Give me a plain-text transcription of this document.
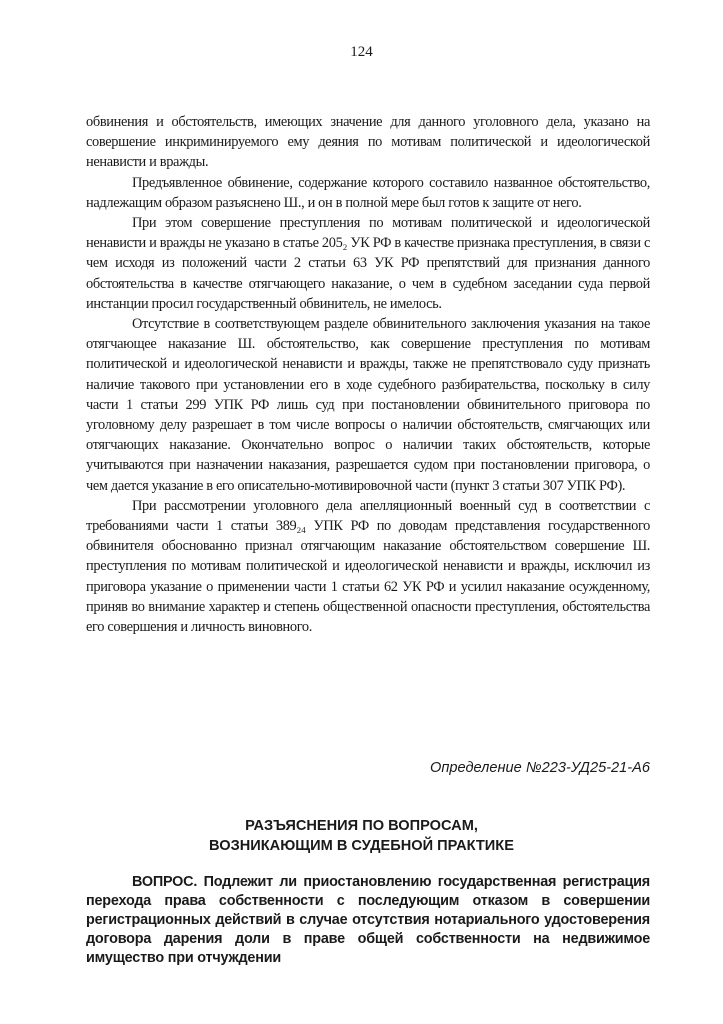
124

обвинения и обстоятельств, имеющих значение для данного уголовного дела, указано на совершение инкриминируемого ему деяния по мотивам политической и идеологической ненависти и вражды.

Предъявленное обвинение, содержание которого составило названное обстоятельство, надлежащим образом разъяснено Ш., и он в полной мере был готов к защите от него.

При этом совершение преступления по мотивам политической и идеологической ненависти и вражды не указано в статье 205₂ УК РФ в качестве признака преступления, в связи с чем исходя из положений части 2 статьи 63 УК РФ препятствий для признания данного обстоятельства в качестве отягчающего наказание, о чем в судебном заседании суда первой инстанции просил государственный обвинитель, не имелось.

Отсутствие в соответствующем разделе обвинительного заключения указания на такое отягчающее наказание Ш. обстоятельство, как совершение преступления по мотивам политической и идеологической ненависти и вражды, также не препятствовало суду признать наличие такового при установлении его в ходе судебного разбирательства, поскольку в силу части 1 статьи 299 УПК РФ лишь суд при постановлении обвинительного приговора по уголовному делу разрешает в том числе вопросы о наличии обстоятельств, смягчающих или отягчающих наказание. Окончательно вопрос о наличии таких обстоятельств, которые учитываются при назначении наказания, разрешается судом при постановлении приговора, о чем дается указание в его описательно-мотивировочной части (пункт 3 статьи 307 УПК РФ).

При рассмотрении уголовного дела апелляционный военный суд в соответствии с требованиями части 1 статьи 389₂₄ УПК РФ по доводам представления государственного обвинителя обоснованно признал отягчающим наказание обстоятельством совершение Ш. преступления по мотивам политической и идеологической ненависти и вражды, исключил из приговора указание о применении части 1 статьи 62 УК РФ и усилил наказание осужденному, приняв во внимание характер и степень общественной опасности преступления, обстоятельства его совершения и личность виновного.

Определение №223-УД25-21-А6
РАЗЪЯСНЕНИЯ ПО ВОПРОСАМ,
ВОЗНИКАЮЩИМ В СУДЕБНОЙ ПРАКТИКЕ
ВОПРОС. Подлежит ли приостановлению государственная регистрация перехода права собственности с последующим отказом в совершении регистрационных действий в случае отсутствия нотариального удостоверения договора дарения доли в праве общей собственности на недвижимое имущество при отчуждении
